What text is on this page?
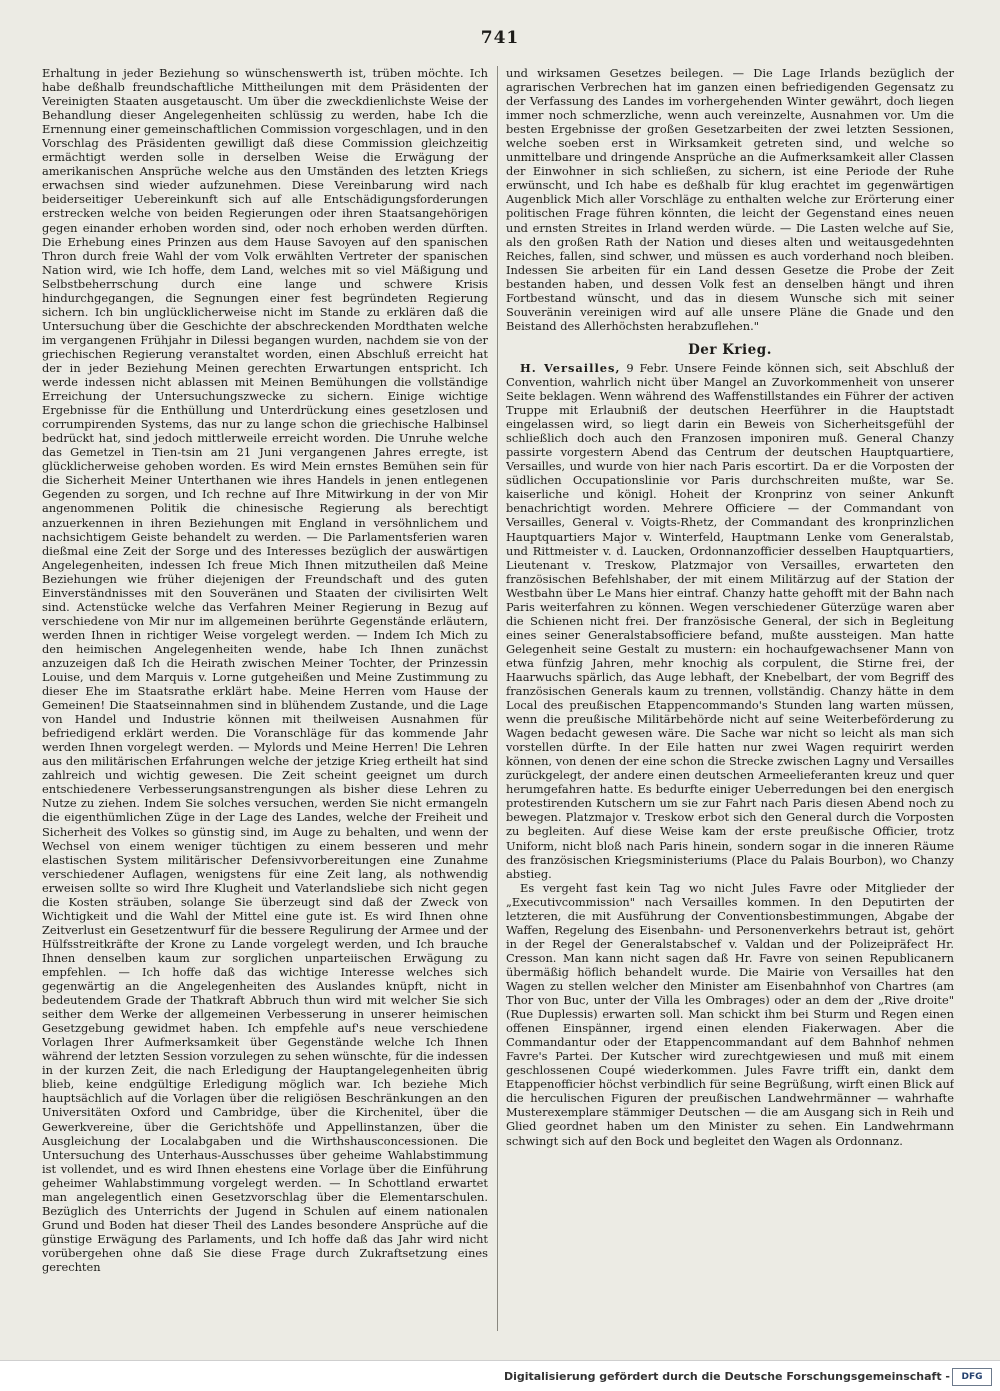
741

Erhaltung in jeder Beziehung so wünschenswerth ist, trüben möchte. Ich habe deßhalb freundschaftliche Mittheilungen mit dem Präsidenten der Vereinigten Staaten ausgetauscht. Um über die zweckdienlichste Weise der Behandlung dieser Angelegenheiten schlüssig zu werden, habe Ich die Ernennung einer gemeinschaftlichen Commission vorgeschlagen, und in den Vorschlag des Präsidenten gewilligt daß diese Commission gleichzeitig ermächtigt werden solle in derselben Weise die Erwägung der amerikanischen Ansprüche welche aus den Umständen des letzten Kriegs erwachsen sind wieder aufzunehmen. Diese Vereinbarung wird nach beiderseitiger Uebereinkunft sich auf alle Entschädigungsforderungen erstrecken welche von beiden Regierungen oder ihren Staatsangehörigen gegen einander erhoben worden sind, oder noch erhoben werden dürften. Die Erhebung eines Prinzen aus dem Hause Savoyen auf den spanischen Thron durch freie Wahl der vom Volk erwählten Vertreter der spanischen Nation wird, wie Ich hoffe, dem Land, welches mit so viel Mäßigung und Selbstbeherrschung durch eine lange und schwere Krisis hindurchgegangen, die Segnungen einer fest begründeten Regierung sichern. Ich bin unglücklicherweise nicht im Stande zu erklären daß die Untersuchung über die Geschichte der abschreckenden Mordthaten welche im vergangenen Frühjahr in Dilessi begangen wurden, nachdem sie von der griechischen Regierung veranstaltet worden, einen Abschluß erreicht hat der in jeder Beziehung Meinen gerechten Erwartungen entspricht. Ich werde indessen nicht ablassen mit Meinen Bemühungen die vollständige Erreichung der Untersuchungszwecke zu sichern. Einige wichtige Ergebnisse für die Enthüllung und Unterdrückung eines gesetzlosen und corrumpirenden Systems, das nur zu lange schon die griechische Halbinsel bedrückt hat, sind jedoch mittlerweile erreicht worden. Die Unruhe welche das Gemetzel in Tien-tsin am 21 Juni vergangenen Jahres erregte, ist glücklicherweise gehoben worden. Es wird Mein ernstes Bemühen sein für die Sicherheit Meiner Unterthanen wie ihres Handels in jenen entlegenen Gegenden zu sorgen, und Ich rechne auf Ihre Mitwirkung in der von Mir angenommenen Politik die chinesische Regierung als berechtigt anzuerkennen in ihren Beziehungen mit England in versöhnlichem und nachsichtigem Geiste behandelt zu werden. — Die Parlamentsferien waren dießmal eine Zeit der Sorge und des Interesses bezüglich der auswärtigen Angelegenheiten, indessen Ich freue Mich Ihnen mitzutheilen daß Meine Beziehungen wie früher diejenigen der Freundschaft und des guten Einverständnisses mit den Souveränen und Staaten der civilisirten Welt sind. Actenstücke welche das Verfahren Meiner Regierung in Bezug auf verschiedene von Mir nur im allgemeinen berührte Gegenstände erläutern, werden Ihnen in richtiger Weise vorgelegt werden. — Indem Ich Mich zu den heimischen Angelegenheiten wende, habe Ich Ihnen zunächst anzuzeigen daß Ich die Heirath zwischen Meiner Tochter, der Prinzessin Louise, und dem Marquis v. Lorne gutgeheißen und Meine Zustimmung zu dieser Ehe im Staatsrathe erklärt habe. Meine Herren vom Hause der Gemeinen! Die Staatseinnahmen sind in blühendem Zustande, und die Lage von Handel und Industrie können mit theilweisen Ausnahmen für befriedigend erklärt werden. Die Voranschläge für das kommende Jahr werden Ihnen vorgelegt werden. — Mylords und Meine Herren! Die Lehren aus den militärischen Erfahrungen welche der jetzige Krieg ertheilt hat sind zahlreich und wichtig gewesen. Die Zeit scheint geeignet um durch entschiedenere Verbesserungsanstrengungen als bisher diese Lehren zu Nutze zu ziehen. Indem Sie solches versuchen, werden Sie nicht ermangeln die eigenthümlichen Züge in der Lage des Landes, welche der Freiheit und Sicherheit des Volkes so günstig sind, im Auge zu behalten, und wenn der Wechsel von einem weniger tüchtigen zu einem besseren und mehr elastischen System militärischer Defensivvorbereitungen eine Zunahme verschiedener Auflagen, wenigstens für eine Zeit lang, als nothwendig erweisen sollte so wird Ihre Klugheit und Vaterlandsliebe sich nicht gegen die Kosten sträuben, solange Sie überzeugt sind daß der Zweck von Wichtigkeit und die Wahl der Mittel eine gute ist. Es wird Ihnen ohne Zeitverlust ein Gesetzentwurf für die bessere Regulirung der Armee und der Hülfsstreitkräfte der Krone zu Lande vorgelegt werden, und Ich brauche Ihnen denselben kaum zur sorglichen unparteiischen Erwägung zu empfehlen. — Ich hoffe daß das wichtige Interesse welches sich gegenwärtig an die Angelegenheiten des Auslandes knüpft, nicht in bedeutendem Grade der Thatkraft Abbruch thun wird mit welcher Sie sich seither dem Werke der allgemeinen Verbesserung in unserer heimischen Gesetzgebung gewidmet haben. Ich empfehle auf's neue verschiedene Vorlagen Ihrer Aufmerksamkeit über Gegenstände welche Ich Ihnen während der letzten Session vorzulegen zu sehen wünschte, für die indessen in der kurzen Zeit, die nach Erledigung der Hauptangelegenheiten übrig blieb, keine endgültige Erledigung möglich war. Ich beziehe Mich hauptsächlich auf die Vorlagen über die religiösen Beschränkungen an den Universitäten Oxford und Cambridge, über die Kirchenitel, über die Gewerkvereine, über die Gerichtshöfe und Appellinstanzen, über die Ausgleichung der Localabgaben und die Wirthshausconcessionen. Die Untersuchung des Unterhaus-Ausschusses über geheime Wahlabstimmung ist vollendet, und es wird Ihnen ehestens eine Vorlage über die Einführung geheimer Wahlabstimmung vorgelegt werden. — In Schottland erwartet man angelegentlich einen Gesetzvorschlag über die Elementarschulen. Bezüglich des Unterrichts der Jugend in Schulen auf einem nationalen Grund und Boden hat dieser Theil des Landes besondere Ansprüche auf die günstige Erwägung des Parlaments, und Ich hoffe daß das Jahr wird nicht vorübergehen ohne daß Sie diese Frage durch Zukraftsetzung eines gerechten

und wirksamen Gesetzes beilegen. — Die Lage Irlands bezüglich der agrarischen Verbrechen hat im ganzen einen befriedigenden Gegensatz zu der Verfassung des Landes im vorhergehenden Winter gewährt, doch liegen immer noch schmerzliche, wenn auch vereinzelte, Ausnahmen vor. Um die besten Ergebnisse der großen Gesetzarbeiten der zwei letzten Sessionen, welche soeben erst in Wirksamkeit getreten sind, und welche so unmittelbare und dringende Ansprüche an die Aufmerksamkeit aller Classen der Einwohner in sich schließen, zu sichern, ist eine Periode der Ruhe erwünscht, und Ich habe es deßhalb für klug erachtet im gegenwärtigen Augenblick Mich aller Vorschläge zu enthalten welche zur Erörterung einer politischen Frage führen könnten, die leicht der Gegenstand eines neuen und ernsten Streites in Irland werden würde. — Die Lasten welche auf Sie, als den großen Rath der Nation und dieses alten und weitausgedehnten Reiches, fallen, sind schwer, und müssen es auch vorderhand noch bleiben. Indessen Sie arbeiten für ein Land dessen Gesetze die Probe der Zeit bestanden haben, und dessen Volk fest an denselben hängt und ihren Fortbestand wünscht, und das in diesem Wunsche sich mit seiner Souveränin vereinigen wird auf alle unsere Pläne die Gnade und den Beistand des Allerhöchsten herabzuflehen."

Der Krieg.

H. Versailles, 9 Febr. Unsere Feinde können sich, seit Abschluß der Convention, wahrlich nicht über Mangel an Zuvorkommenheit von unserer Seite beklagen. Wenn während des Waffenstillstandes ein Führer der activen Truppe mit Erlaubniß der deutschen Heerführer in die Hauptstadt eingelassen wird, so liegt darin ein Beweis von Sicherheitsgefühl der schließlich doch auch den Franzosen imponiren muß. General Chanzy passirte vorgestern Abend das Centrum der deutschen Hauptquartiere, Versailles, und wurde von hier nach Paris escortirt. Da er die Vorposten der südlichen Occupationslinie vor Paris durchschreiten mußte, war Se. kaiserliche und königl. Hoheit der Kronprinz von seiner Ankunft benachrichtigt worden. Mehrere Officiere — der Commandant von Versailles, General v. Voigts-Rhetz, der Commandant des kronprinzlichen Hauptquartiers Major v. Winterfeld, Hauptmann Lenke vom Generalstab, und Rittmeister v. d. Laucken, Ordonnanzofficier desselben Hauptquartiers, Lieutenant v. Treskow, Platzmajor von Versailles, erwarteten den französischen Befehlshaber, der mit einem Militärzug auf der Station der Westbahn über Le Mans hier eintraf. Chanzy hatte gehofft mit der Bahn nach Paris weiterfahren zu können. Wegen verschiedener Güterzüge waren aber die Schienen nicht frei. Der französische General, der sich in Begleitung eines seiner Generalstabsofficiere befand, mußte aussteigen. Man hatte Gelegenheit seine Gestalt zu mustern: ein hochaufgewachsener Mann von etwa fünfzig Jahren, mehr knochig als corpulent, die Stirne frei, der Haarwuchs spärlich, das Auge lebhaft, der Knebelbart, der vom Begriff des französischen Generals kaum zu trennen, vollständig. Chanzy hätte in dem Local des preußischen Etappencommando's Stunden lang warten müssen, wenn die preußische Militärbehörde nicht auf seine Weiterbeförderung zu Wagen bedacht gewesen wäre. Die Sache war nicht so leicht als man sich vorstellen dürfte. In der Eile hatten nur zwei Wagen requirirt werden können, von denen der eine schon die Strecke zwischen Lagny und Versailles zurückgelegt, der andere einen deutschen Armeelieferanten kreuz und quer herumgefahren hatte. Es bedurfte einiger Ueberredungen bei den energisch protestirenden Kutschern um sie zur Fahrt nach Paris diesen Abend noch zu bewegen. Platzmajor v. Treskow erbot sich den General durch die Vorposten zu begleiten. Auf diese Weise kam der erste preußische Officier, trotz Uniform, nicht bloß nach Paris hinein, sondern sogar in die inneren Räume des französischen Kriegsministeriums (Place du Palais Bourbon), wo Chanzy abstieg.

Es vergeht fast kein Tag wo nicht Jules Favre oder Mitglieder der „Executivcommission" nach Versailles kommen. In den Deputirten der letzteren, die mit Ausführung der Conventionsbestimmungen, Abgabe der Waffen, Regelung des Eisenbahn- und Personenverkehrs betraut ist, gehört in der Regel der Generalstabschef v. Valdan und der Polizeipräfect Hr. Cresson. Man kann nicht sagen daß Hr. Favre von seinen Republicanern übermäßig höflich behandelt wurde. Die Mairie von Versailles hat den Wagen zu stellen welcher den Minister am Eisenbahnhof von Chartres (am Thor von Buc, unter der Villa les Ombrages) oder an dem der „Rive droite" (Rue Duplessis) erwarten soll. Man schickt ihm bei Sturm und Regen einen offenen Einspänner, irgend einen elenden Fiakerwagen. Aber die Commandantur oder der Etappencommandant auf dem Bahnhof nehmen Favre's Partei. Der Kutscher wird zurechtgewiesen und muß mit einem geschlossenen Coupé wiederkommen. Jules Favre trifft ein, dankt dem Etappenofficier höchst verbindlich für seine Begrüßung, wirft einen Blick auf die herculischen Figuren der preußischen Landwehrmänner — wahrhafte Musterexemplare stämmiger Deutschen — die am Ausgang sich in Reih und Glied geordnet haben um den Minister zu sehen. Ein Landwehrmann schwingt sich auf den Bock und begleitet den Wagen als Ordonnanz.

Digitalisierung gefördert durch die Deutsche Forschungsgemeinschaft -	DFG
